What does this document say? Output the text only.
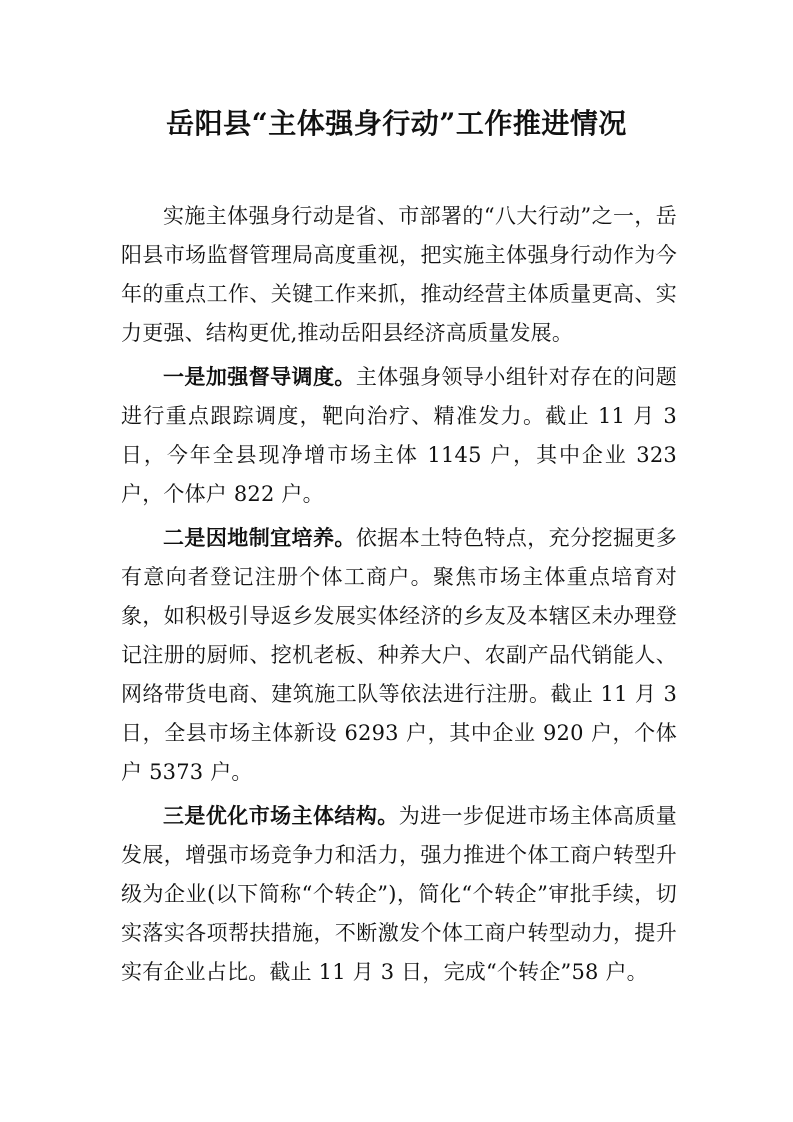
岳阳县“主体强身行动”工作推进情况

实施主体强身行动是省、市部署的“八大行动”之一，岳阳县市场监督管理局高度重视，把实施主体强身行动作为今年的重点工作、关键工作来抓，推动经营主体质量更高、实力更强、结构更优,推动岳阳县经济高质量发展。

一是加强督导调度。主体强身领导小组针对存在的问题进行重点跟踪调度，靶向治疗、精准发力。截止 11 月 3 日，今年全县现净增市场主体 1145 户，其中企业 323 户，个体户 822 户。

二是因地制宜培养。依据本土特色特点，充分挖掘更多有意向者登记注册个体工商户。聚焦市场主体重点培育对象，如积极引导返乡发展实体经济的乡友及本辖区未办理登记注册的厨师、挖机老板、种养大户、农副产品代销能人、网络带货电商、建筑施工队等依法进行注册。截止 11 月 3 日，全县市场主体新设 6293 户，其中企业 920 户，个体户 5373 户。

三是优化市场主体结构。为进一步促进市场主体高质量发展，增强市场竞争力和活力，强力推进个体工商户转型升级为企业(以下简称“个转企”)，简化“个转企”审批手续，切实落实各项帮扶措施，不断激发个体工商户转型动力，提升实有企业占比。截止 11 月 3 日，完成“个转企”58 户。
